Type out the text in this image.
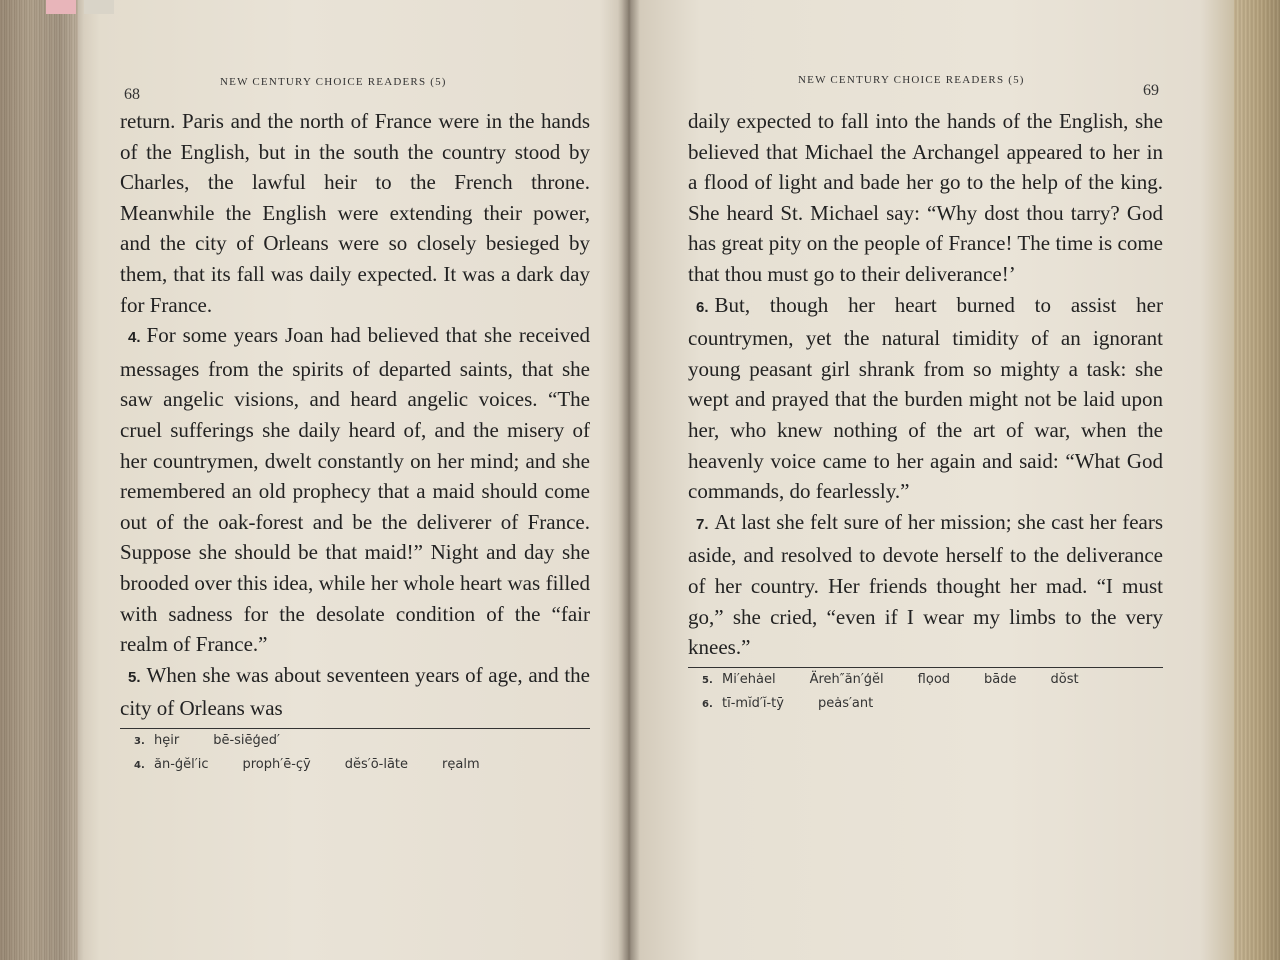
68
NEW CENTURY CHOICE READERS (5)

return. Paris and the north of France were in the hands of the English, but in the south the country stood by Charles, the lawful heir to the French throne. Meanwhile the English were extending their power, and the city of Orleans were so closely besieged by them, that its fall was daily expected. It was a dark day for France.

4. For some years Joan had believed that she received messages from the spirits of departed saints, that she saw angelic visions, and heard angelic voices. “The cruel sufferings she daily heard of, and the misery of her countrymen, dwelt constantly on her mind; and she remembered an old prophecy that a maid should come out of the oak-forest and be the deliverer of France. Suppose she should be that maid!” Night and day she brooded over this idea, while her whole heart was filled with sadness for the desolate condition of the “fair realm of France.”

5. When she was about seventeen years of age, and the city of Orleans was

3. hȩir	bē-siēģed′
4. ăn-ģĕl′ic	proph′ē-çȳ	dĕs′ō-lāte	rẹalm
NEW CENTURY CHOICE READERS (5)
69

daily expected to fall into the hands of the English, she believed that Michael the Archangel appeared to her in a flood of light and bade her go to the help of the king. She heard St. Michael say: “Why dost thou tarry? God has great pity on the people of France! The time is come that thou must go to their deliverance!’

6. But, though her heart burned to assist her countrymen, yet the natural timidity of an ignorant young peasant girl shrank from so mighty a task: she wept and prayed that the burden might not be laid upon her, who knew nothing of the art of war, when the heavenly voice came to her again and said: “What God commands, do fearlessly.”

7. At last she felt sure of her mission; she cast her fears aside, and resolved to devote herself to the deliverance of her country. Her friends thought her mad. “I must go,” she cried, “even if I wear my limbs to the very knees.”

5. Mi′ehȧel	Äreh″ăn′ģĕl	flọod	bāde	dŏst
6. tī-mĭd′ĭ-tȳ	peȧs′ant
